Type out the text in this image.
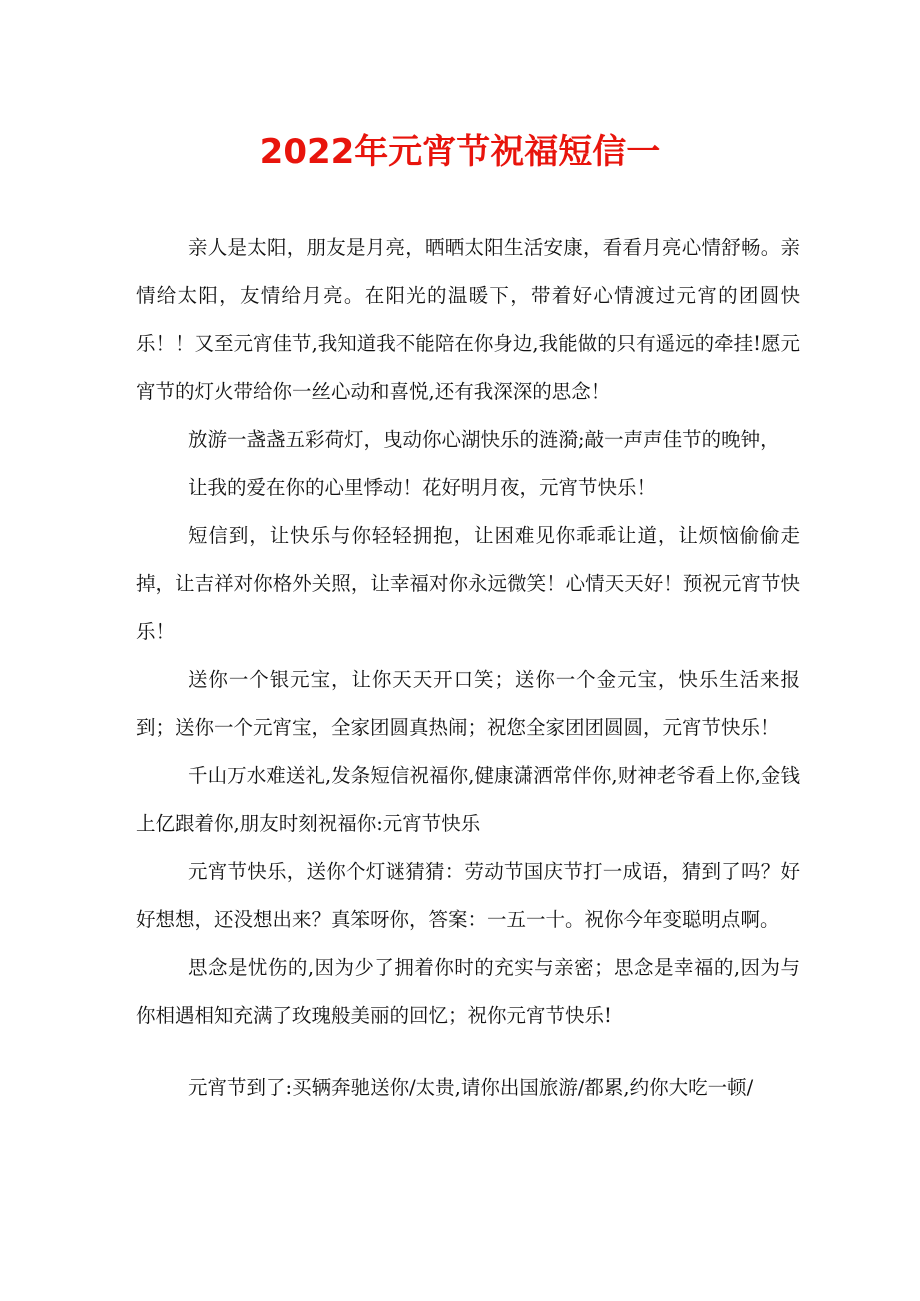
2022年元宵节祝福短信一

亲人是太阳，朋友是月亮，晒晒太阳生活安康，看看月亮心情舒畅。亲情给太阳，友情给月亮。在阳光的温暖下，带着好心情渡过元宵的团圆快乐！！又至元宵佳节,我知道我不能陪在你身边,我能做的只有遥远的牵挂!愿元宵节的灯火带给你一丝心动和喜悦,还有我深深的思念！

放游一盏盏五彩荷灯，曳动你心湖快乐的涟漪;敲一声声佳节的晚钟，

让我的爱在你的心里悸动！花好明月夜，元宵节快乐！

短信到，让快乐与你轻轻拥抱，让困难见你乖乖让道，让烦恼偷偷走掉，让吉祥对你格外关照，让幸福对你永远微笑！心情天天好！预祝元宵节快乐！

送你一个银元宝，让你天天开口笑；送你一个金元宝，快乐生活来报到；送你一个元宵宝，全家团圆真热闹；祝您全家团团圆圆，元宵节快乐！

千山万水难送礼,发条短信祝福你,健康潇洒常伴你,财神老爷看上你,金钱上亿跟着你,朋友时刻祝福你:元宵节快乐

元宵节快乐，送你个灯谜猜猜：劳动节国庆节打一成语，猜到了吗？好好想想，还没想出来？真笨呀你，答案：一五一十。祝你今年变聪明点啊。

思念是忧伤的,因为少了拥着你时的充实与亲密；思念是幸福的,因为与你相遇相知充满了玫瑰般美丽的回忆；祝你元宵节快乐!

元宵节到了:买辆奔驰送你/太贵,请你出国旅游/都累,约你大吃一顿/
